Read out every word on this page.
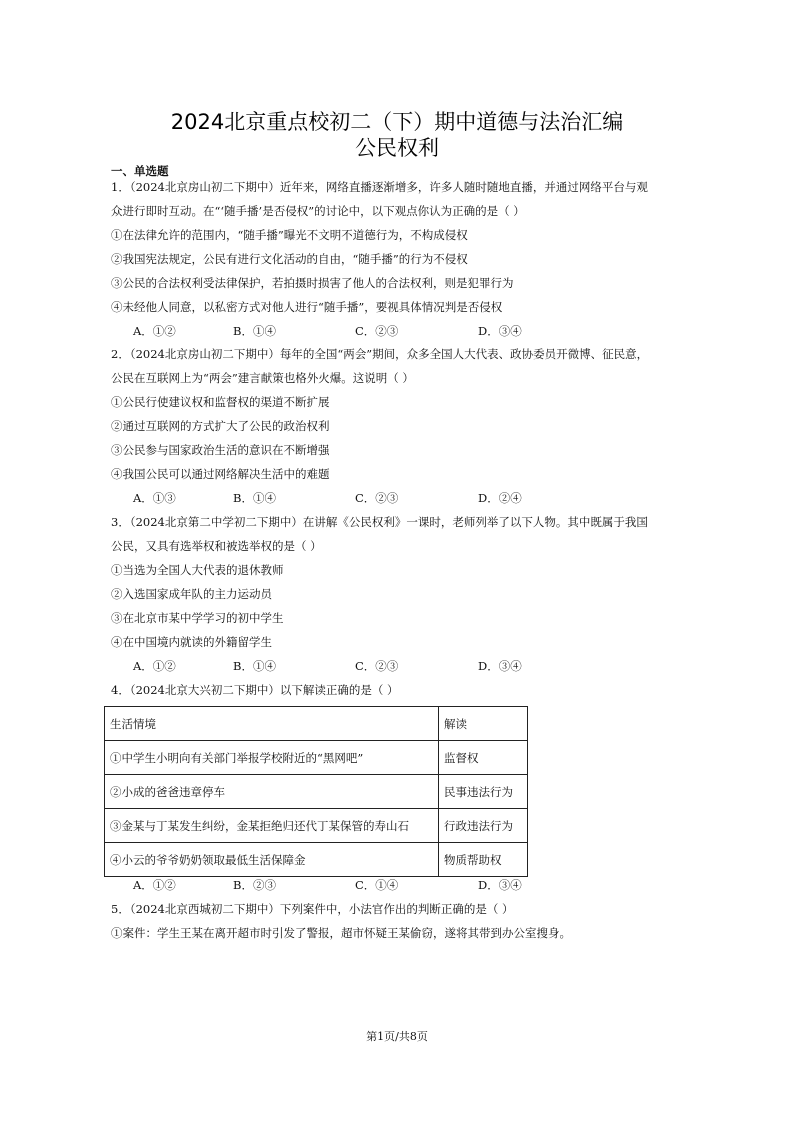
2024北京重点校初二（下）期中道德与法治汇编
公民权利
一、单选题
1．（2024北京房山初二下期中）近年来，网络直播逐渐增多，许多人随时随地直播，并通过网络平台与观
众进行即时互动。在“‘随手播’是否侵权”的讨论中，以下观点你认为正确的是（ ）
①在法律允许的范围内，“随手播”曝光不文明不道德行为，不构成侵权
②我国宪法规定，公民有进行文化活动的自由，“随手播”的行为不侵权
③公民的合法权利受法律保护，若拍摄时损害了他人的合法权利，则是犯罪行为
④未经他人同意，以私密方式对他人进行“随手播”，要视具体情况判是否侵权
A．①②	B．①④	C．②③	D．③④
2．（2024北京房山初二下期中）每年的全国“两会”期间，众多全国人大代表、政协委员开微博、征民意，
公民在互联网上为“两会”建言献策也格外火爆。这说明（ ）
①公民行使建议权和监督权的渠道不断扩展
②通过互联网的方式扩大了公民的政治权利
③公民参与国家政治生活的意识在不断增强
④我国公民可以通过网络解决生活中的难题
A．①③	B．①④	C．②③	D．②④
3．（2024北京第二中学初二下期中）在讲解《公民权利》一课时，老师列举了以下人物。其中既属于我国
公民，又具有选举权和被选举权的是（ ）
①当选为全国人大代表的退休教师
②入选国家成年队的主力运动员
③在北京市某中学学习的初中学生
④在中国境内就读的外籍留学生
A．①②	B．①④	C．②③	D．③④
4．（2024北京大兴初二下期中）以下解读正确的是（ ）
生活情境	解读
①中学生小明向有关部门举报学校附近的“黑网吧”	监督权
②小成的爸爸违章停车	民事违法行为
③金某与丁某发生纠纷，金某拒绝归还代丁某保管的寿山石	行政违法行为
④小云的爷爷奶奶领取最低生活保障金	物质帮助权
A．①②	B．②③	C．①④	D．③④
5．（2024北京西城初二下期中）下列案件中，小法官作出的判断正确的是（ ）
①案件：学生王某在离开超市时引发了警报，超市怀疑王某偷窃，遂将其带到办公室搜身。
第1页/共8页
